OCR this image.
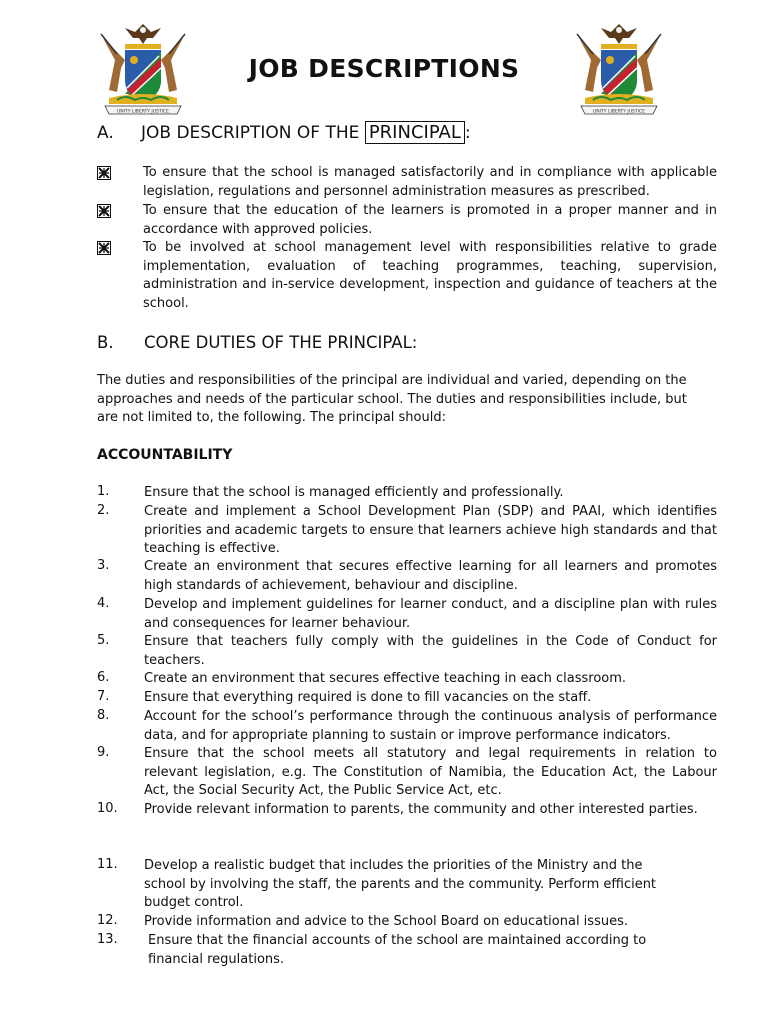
UNITY LIBERTY JUSTICE
JOB DESCRIPTIONS
UNITY LIBERTY JUSTICE
A. JOB DESCRIPTION OF THE PRINCIPAL :
To ensure that the school is managed satisfactorily and in compliance with applicable legislation, regulations and personnel administration measures as prescribed.
To ensure that the education of the learners is promoted in a proper manner and in accordance with approved policies.
To be involved at school management level with responsibilities relative to grade implementation, evaluation of teaching programmes, teaching, supervision, administration and in-service development, inspection and guidance of teachers at the school.
B. CORE DUTIES OF THE PRINCIPAL:
The duties and responsibilities of the principal are individual and varied, depending on the approaches and needs of the particular school. The duties and responsibilities include, but are not limited to, the following. The principal should:
ACCOUNTABILITY
1.	Ensure that the school is managed efficiently and professionally.
2.	Create and implement a School Development Plan (SDP) and PAAI, which identifies priorities and academic targets to ensure that learners achieve high standards and that teaching is effective.
3.	Create an environment that secures effective learning for all learners and promotes high standards of achievement, behaviour and discipline.
4.	Develop and implement guidelines for learner conduct, and a discipline plan with rules and consequences for learner behaviour.
5.	Ensure that teachers fully comply with the guidelines in the Code of Conduct for teachers.
6.	Create an environment that secures effective teaching in each classroom.
7.	Ensure that everything required is done to fill vacancies on the staff.
8.	Account for the school’s performance through the continuous analysis of performance data, and for appropriate planning to sustain or improve performance indicators.
9.	Ensure that the school meets all statutory and legal requirements in relation to relevant legislation, e.g. The Constitution of Namibia, the Education Act, the Labour Act, the Social Security Act, the Public Service Act, etc.
10. Provide relevant information to parents, the community and other interested parties.
11. Develop a realistic budget that includes the priorities of the Ministry and the school by involving the staff, the parents and the community. Perform efficient budget control.
12. Provide information and advice to the School Board on educational issues.
13. Ensure that the financial accounts of the school are maintained according to financial regulations.
